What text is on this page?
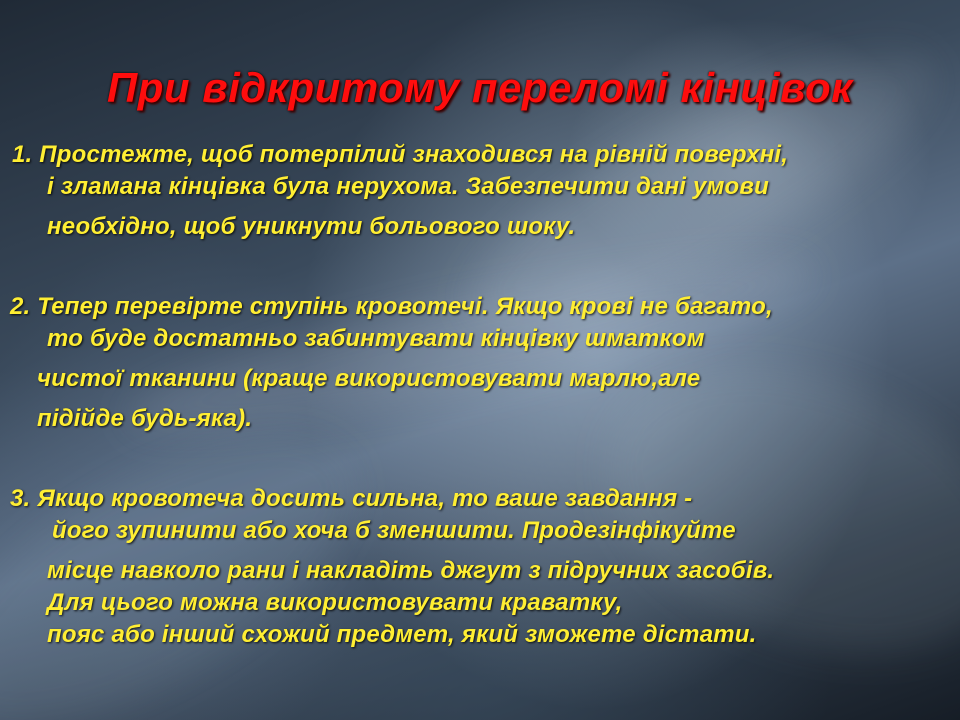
При відкритому переломі кінцівок
1. Простежте, щоб потерпілий знаходився на рівній поверхні,
і зламана кінцівка була нерухома. Забезпечити дані умови
необхідно, щоб уникнути больового шоку.
2. Тепер перевірте ступінь кровотечі. Якщо крові не багато,
то буде достатньо забинтувати кінцівку шматком
чистої тканини (краще використовувати марлю,але
підійде будь-яка).
3. Якщо кровотеча досить сильна, то ваше завдання -
його зупинити або хоча б зменшити. Продезінфікуйте
місце навколо рани і накладіть джгут з підручних засобів.
Для цього можна використовувати краватку,
пояс або інший схожий предмет, який зможете дістати.
